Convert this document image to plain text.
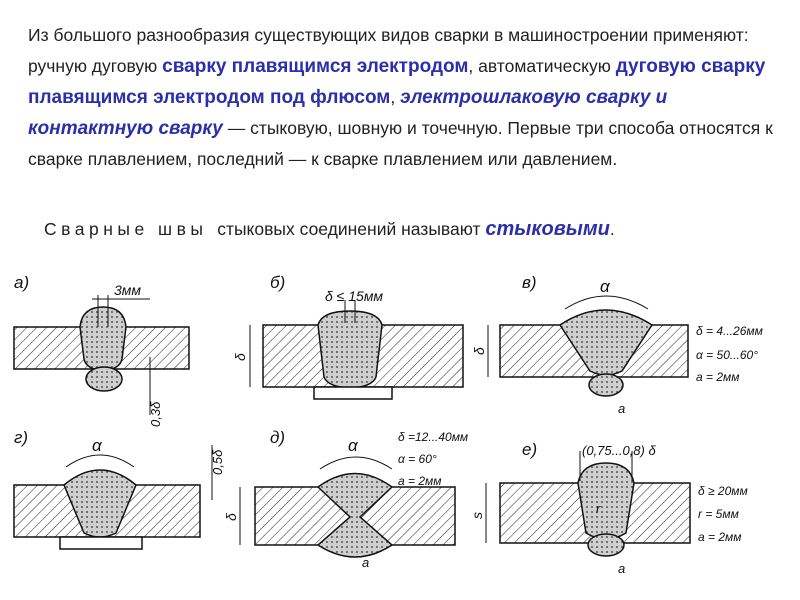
Из большого разнообразия существующих видов сварки в машиностроении применяют: ручную дуговую сварку плавящимся электродом, автоматическую дуговую сварку плавящимся электродом под флюсом, электрошлаковую сварку и контактную сварку — стыковую, шовную и точечную. Первые три способа относятся к сварке плавлением, последний — к сварке плавлением или давлением.
Сварные швы стыковых соединений называют стыковыми.
а)	3мм
0,3δ
б)
δ ≤ 15мм
δ
в)	α
δ = 4...26мм
α = 50...60°
а = 2мм
δ
а
г)	α
0,5δ
д)	α	δ =12...40мм
α = 60°
а = 2мм
δ
а
е)	(0,75...0,8) δ
δ ≥ 20мм
r = 5мм
а = 2мм
s	r
а
